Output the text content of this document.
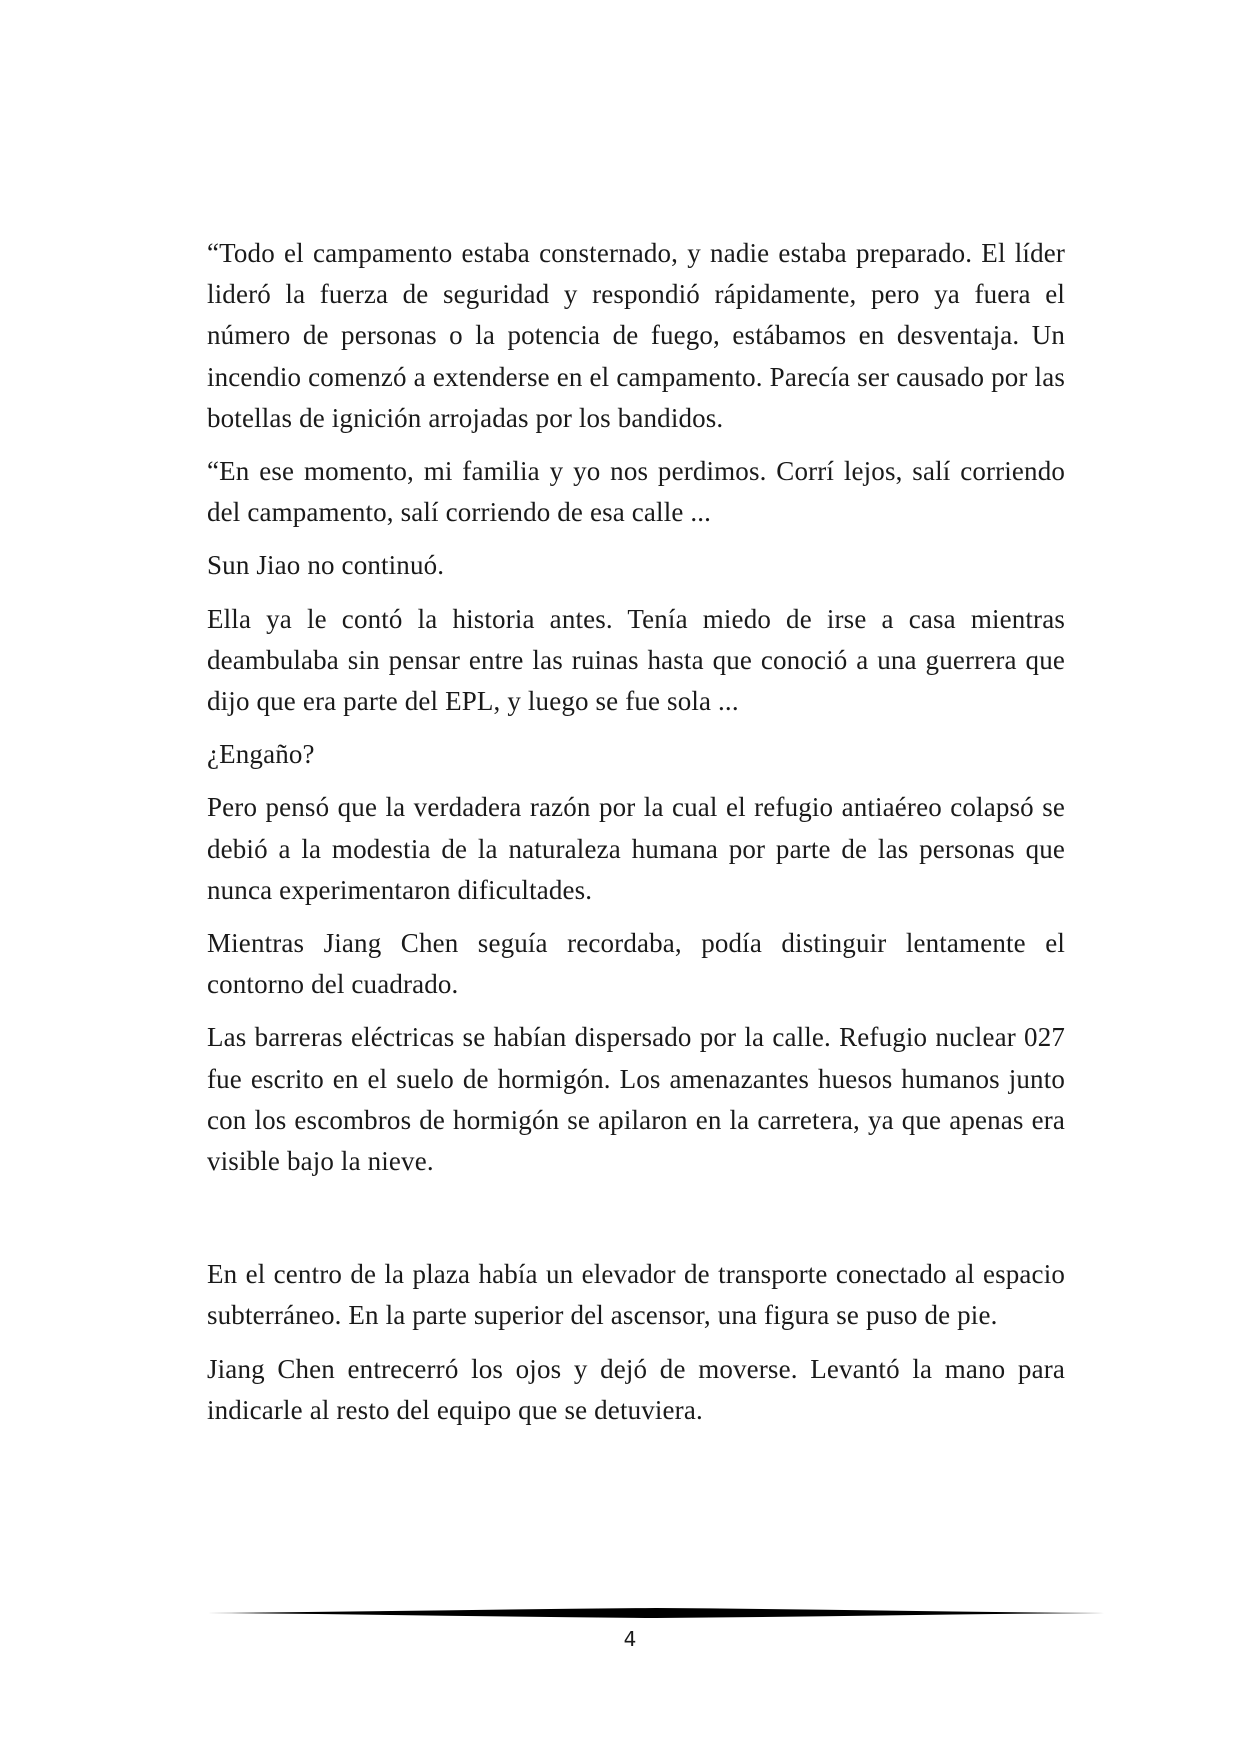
“Todo el campamento estaba consternado, y nadie estaba preparado. El líder lideró la fuerza de seguridad y respondió rápidamente, pero ya fuera el número de personas o la potencia de fuego, estábamos en desventaja. Un incendio comenzó a extenderse en el campamento. Parecía ser causado por las botellas de ignición arrojadas por los bandidos.

“En ese momento, mi familia y yo nos perdimos. Corrí lejos, salí corriendo del campamento, salí corriendo de esa calle ...

Sun Jiao no continuó.

Ella ya le contó la historia antes. Tenía miedo de irse a casa mientras deambulaba sin pensar entre las ruinas hasta que conoció a una guerrera que dijo que era parte del EPL, y luego se fue sola ...

¿Engaño?

Pero pensó que la verdadera razón por la cual el refugio antiaéreo colapsó se debió a la modestia de la naturaleza humana por parte de las personas que nunca experimentaron dificultades.

Mientras Jiang Chen seguía recordaba, podía distinguir lentamente el contorno del cuadrado.

Las barreras eléctricas se habían dispersado por la calle. Refugio nuclear 027 fue escrito en el suelo de hormigón. Los amenazantes huesos humanos junto con los escombros de hormigón se apilaron en la carretera, ya que apenas era visible bajo la nieve.

En el centro de la plaza había un elevador de transporte conectado al espacio subterráneo. En la parte superior del ascensor, una figura se puso de pie.

Jiang Chen entrecerró los ojos y dejó de moverse. Levantó la mano para indicarle al resto del equipo que se detuviera.

4
